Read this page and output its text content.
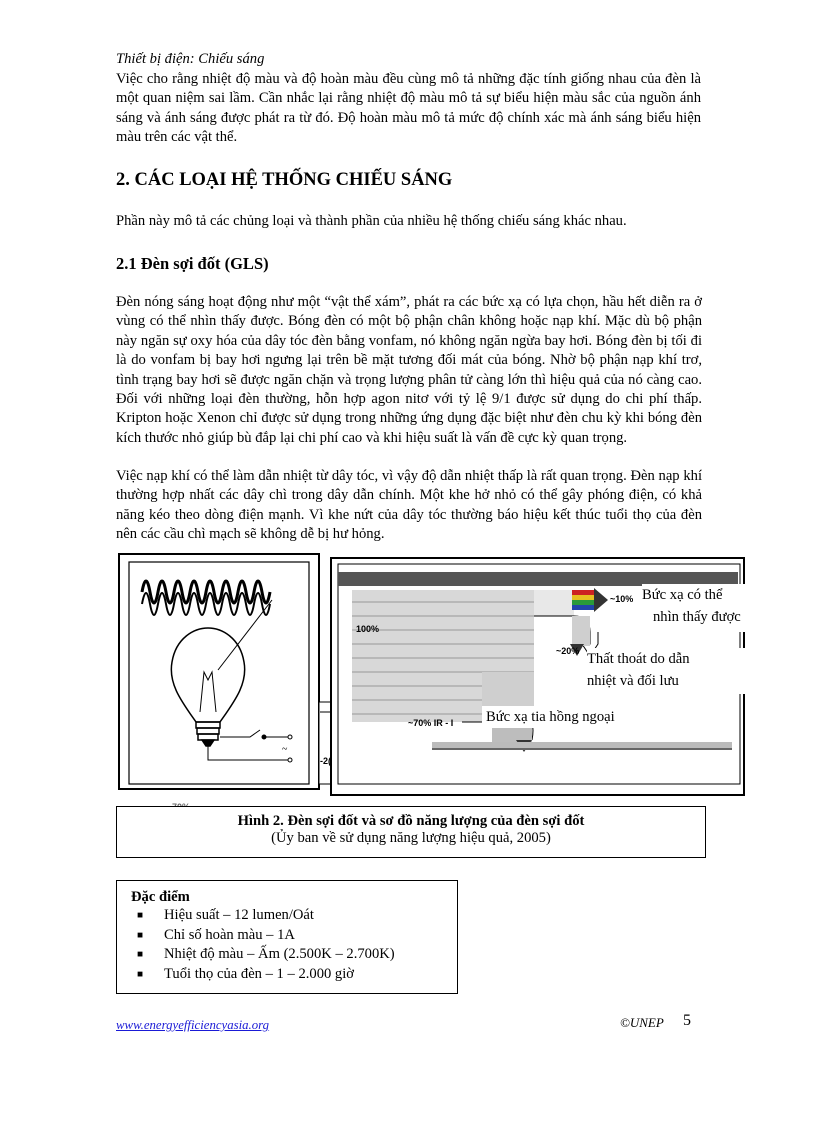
Thiết bị điện: Chiếu sáng
Việc cho rằng nhiệt độ màu và độ hoàn màu đều cùng mô tả những đặc tính giống nhau của đèn là một quan niệm sai lầm. Cần nhắc lại rằng nhiệt độ màu mô tả sự biểu hiện màu sắc của nguồn ánh sáng và ánh sáng được phát ra từ đó. Độ hoàn màu mô tả mức độ chính xác mà ánh sáng biểu hiện màu trên các vật thể.
2. CÁC LOẠI HỆ THỐNG CHIẾU SÁNG
Phần này mô tả các chủng loại và thành phần của nhiều hệ thống chiếu sáng khác nhau.
2.1 Đèn sợi đốt (GLS)
Đèn nóng sáng hoạt động như một “vật thể xám”, phát ra các bức xạ có lựa chọn, hầu hết diễn ra ở vùng có thể nhìn thấy được. Bóng đèn có một bộ phận chân không hoặc nạp khí. Mặc dù bộ phận này ngăn sự oxy hóa của dây tóc đèn bằng vonfam, nó không ngăn ngừa bay hơi. Bóng đèn bị tối đi là do vonfam bị bay hơi ngưng lại trên bề mặt tương đối mát của bóng. Nhờ bộ phận nạp khí trơ, tình trạng bay hơi sẽ được ngăn chặn và trọng lượng phân tử càng lớn thì hiệu quả của nó càng cao. Đối với những loại đèn thường, hỗn hợp agon nitơ với tỷ lệ 9/1 được sử dụng do chi phí thấp. Kripton hoặc Xenon chỉ được sử dụng trong những ứng dụng đặc biệt như đèn chu kỳ khi bóng đèn kích thước nhỏ giúp bù đắp lại chi phí cao và khi hiệu suất là vấn đề cực kỳ quan trọng.
Việc nạp khí có thể làm dẫn nhiệt từ dây tóc, vì vậy độ dẫn nhiệt thấp là rất quan trọng. Đèn nạp khí thường hợp nhất các dây chì trong dây dẫn chính. Một khe hở nhỏ có thể gây phóng điện, có khả năng kéo theo dòng điện mạnh. Vì khe nứt của dây tóc thường báo hiệu kết thúc tuổi thọ của đèn nên các cầu chì mạch sẽ không dễ bị hư hỏng.
~
-2(
100%
~10%
~20%
~70% IR - I
Bức xạ có thể
nhìn thấy được
Thất thoát do dẫn
nhiệt và đối lưu
Bức xạ tia hồng ngoại
Hình 2. Đèn sợi đốt và sơ đồ năng lượng của đèn sợi đốt
(Ủy ban về sử dụng năng lượng hiệu quả, 2005)
Đặc điểm
■ Hiệu suất – 12 lumen/Oát
■ Chỉ số hoàn màu – 1A
■ Nhiệt độ màu – Ấm (2.500K – 2.700K)
■ Tuổi thọ của đèn – 1 – 2.000 giờ
Hướng dẫn sử dụng năng lượng hiệu quả trong các ngành công nghiệp Châu Á –
www.energyefficiencyasia.org	©UNEP 5
